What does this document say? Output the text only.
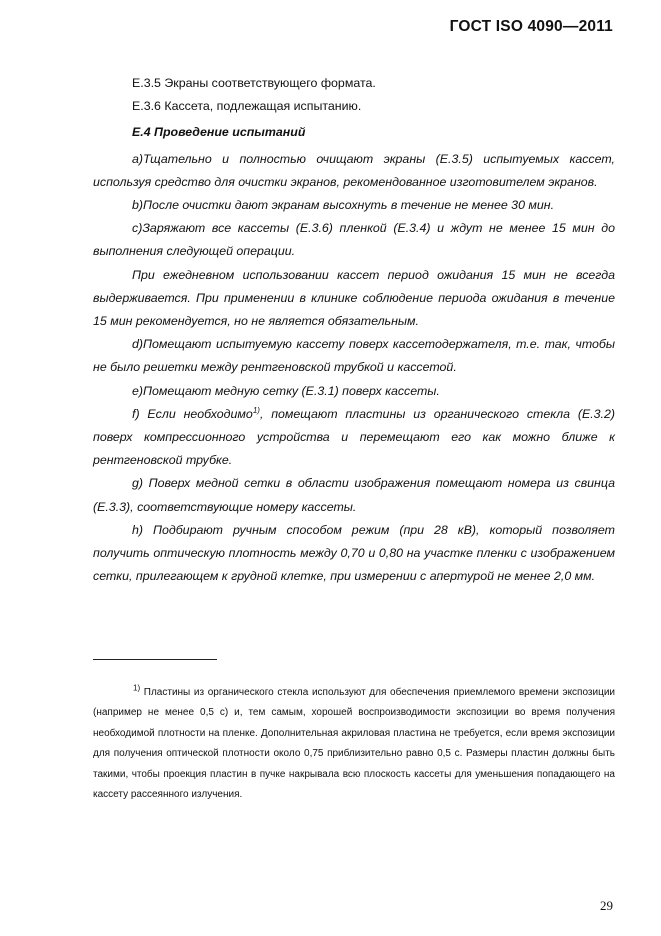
ГОСТ ISO 4090—2011

Е.3.5 Экраны соответствующего формата.

Е.3.6 Кассета, подлежащая испытанию.

Е.4 Проведение испытаний

a)Тщательно и полностью очищают экраны (Е.3.5) испытуемых кассет, используя средство для очистки экранов, рекомендованное изготовителем экранов.

b)После очистки дают экранам высохнуть в течение не менее 30 мин.

c)Заряжают все кассеты (Е.3.6) пленкой (Е.3.4) и ждут не менее 15 мин до выполнения следующей операции.

При ежедневном использовании кассет период ожидания 15 мин не всегда выдерживается. При применении в клинике соблюдение периода ожидания в течение 15 мин рекомендуется, но не является обязательным.

d)Помещают испытуемую кассету поверх кассетодержателя, т.е. так, чтобы не было решетки между рентгеновской трубкой и кассетой.

e)Помещают медную сетку (Е.3.1) поверх кассеты.

f) Если необходимо$^{1)}$, помещают пластины из органического стекла (Е.3.2) поверх компрессионного устройства и перемещают его как можно ближе к рентгеновской трубке.

g) Поверх медной сетки в области изображения помещают номера из свинца (Е.3.3), соответствующие номеру кассеты.

h) Подбирают ручным способом режим (при 28 кВ), который позволяет получить оптическую плотность между 0,70 и 0,80 на участке пленки с изображением сетки, прилегающем к грудной клетке, при измерении с апертурой не менее 2,0 мм.

$^{1)}$ Пластины из органического стекла используют для обеспечения приемлемого времени экспозиции (например не менее 0,5 с) и, тем самым, хорошей воспроизводимости экспозиции во время получения необходимой плотности на пленке. Дополнительная акриловая пластина не требуется, если время экспозиции для получения оптической плотности около 0,75 приблизительно равно 0,5 с. Размеры пластин должны быть такими, чтобы проекция пластин в пучке накрывала всю плоскость кассеты для уменьшения попадающего на кассету рассеянного излучения.

29
